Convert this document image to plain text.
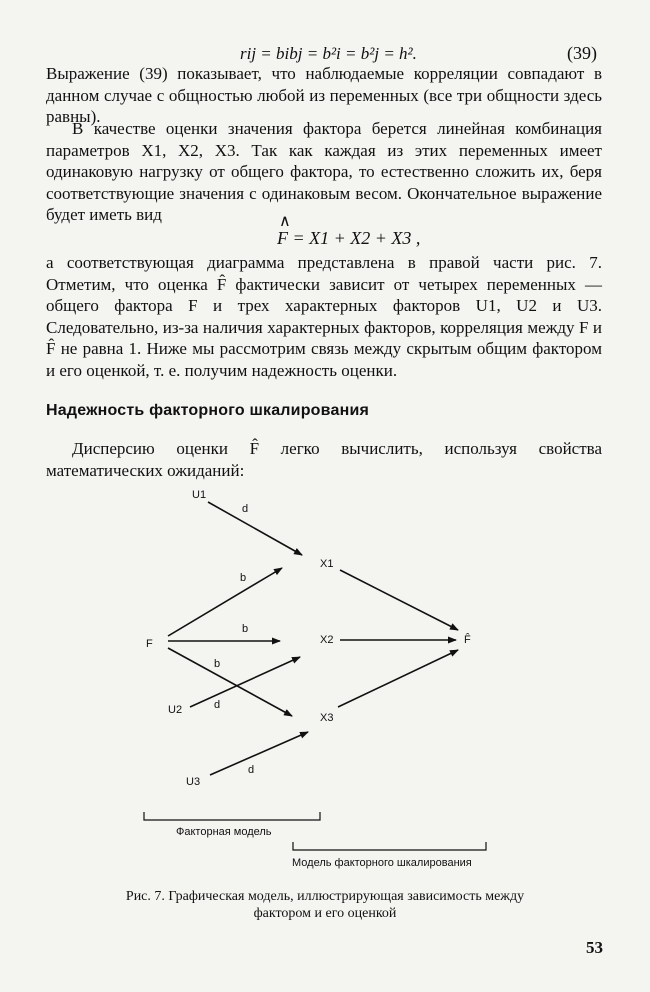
rij = bibj = b²i = b²j = h².	(39)

Выражение (39) показывает, что наблюдаемые корреляции совпадают в данном случае с общностью любой из переменных (все три общности здесь равны).

В качестве оценки значения фактора берется линейная комбинация параметров X1, X2, X3. Так как каждая из этих переменных имеет одинаковую нагрузку от общего фактора, то естественно сложить их, беря соответствующие значения с одинаковым весом. Окончательное выражение будет иметь вид	∧
F = X1 + X2 + X3 ,

а соответствующая диаграмма представлена в правой части рис. 7. Отметим, что оценка F̂ фактически зависит от четырех переменных — общего фактора F и трех характерных факторов U1, U2 и U3. Следовательно, из-за наличия характерных факторов, корреляция между F и F̂ не равна 1. Ниже мы рассмотрим связь между скрытым общим фактором и его оценкой, т. е. получим надежность оценки.

Надежность факторного шкалирования

Дисперсию оценки F̂ легко вычислить, используя свойства математических ожиданий:

U1
F
U2
U3
X1
X2
X3
F̂
d
b
b
b
d
d
Факторная модель
Модель факторного шкалирования
Рис. 7. Графическая модель, иллюстрирующая зависимость между фактором и его оценкой
53
